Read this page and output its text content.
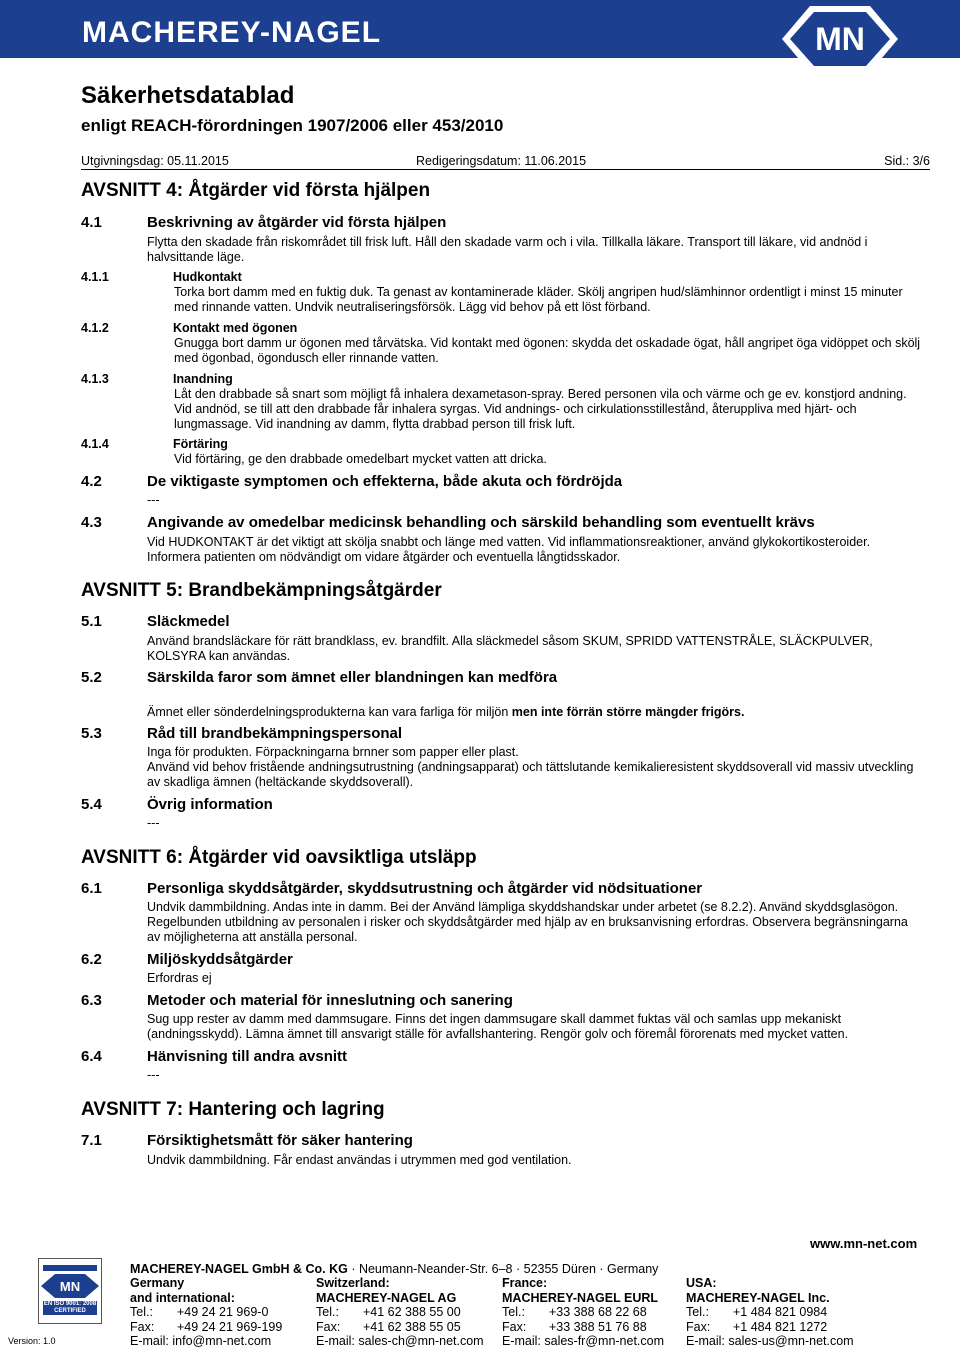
MACHEREY-NAGEL	MN
Säkerhetsdatablad
enligt REACH-förordningen 1907/2006 eller 453/2010
Utgivningsdag: 05.11.2015	Redigeringsdatum: 11.06.2015	Sid.: 3/6
AVSNITT 4: Åtgärder vid första hjälpen
4.1	Beskrivning av åtgärder vid första hjälpen
Flytta den skadade från riskområdet till frisk luft. Håll den skadade varm och i vila. Tillkalla läkare. Transport till läkare, vid andnöd i halvsittande läge.
4.1.1	Hudkontakt
Torka bort damm med en fuktig duk. Ta genast av kontaminerade kläder. Skölj angripen hud/slämhinnor ordentligt i minst 15 minuter med rinnande vatten. Undvik neutraliseringsförsök. Lägg vid behov på ett löst förband.
4.1.2	Kontakt med ögonen
Gnugga bort damm ur ögonen med tårvätska. Vid kontakt med ögonen: skydda det oskadade ögat, håll angripet öga vidöppet och skölj med ögonbad, ögondusch eller rinnande vatten.
4.1.3	Inandning
Låt den drabbade så snart som möjligt få inhalera dexametason-spray. Bered personen vila och värme och ge ev. konstjord andning. Vid andnöd, se till att den drabbade får inhalera syrgas. Vid andnings- och cirkulationsstillestånd, återuppliva med hjärt- och lungmassage. Vid inandning av damm, flytta drabbad person till frisk luft.
4.1.4	Förtäring
Vid förtäring, ge den drabbade omedelbart mycket vatten att dricka.
4.2	De viktigaste symptomen och effekterna, både akuta och fördröjda
---
4.3	Angivande av omedelbar medicinsk behandling och särskild behandling som eventuellt krävs
Vid HUDKONTAKT är det viktigt att skölja snabbt och länge med vatten. Vid inflammationsreaktioner, använd glykokortikosteroider. Informera patienten om nödvändigt om vidare åtgärder och eventuella långtidsskador.
AVSNITT 5: Brandbekämpningsåtgärder
5.1	Släckmedel
Använd brandsläckare för rätt brandklass, ev. brandfilt. Alla släckmedel såsom SKUM, SPRIDD VATTENSTRÅLE, SLÄCKPULVER, KOLSYRA kan användas.
5.2	Särskilda faror som ämnet eller blandningen kan medföra
Ämnet eller sönderdelningsprodukterna kan vara farliga för miljön men inte förrän större mängder frigörs.
5.3	Råd till brandbekämpningspersonal
Inga för produkten. Förpackningarna brnner som papper eller plast.
Använd vid behov fristående andningsutrustning (andningsapparat) och tättslutande kemikalieresistent skyddsoverall vid massiv utveckling av skadliga ämnen (heltäckande skyddsoverall).
5.4	Övrig information
---
AVSNITT 6: Åtgärder vid oavsiktliga utsläpp
6.1	Personliga skyddsåtgärder, skyddsutrustning och åtgärder vid nödsituationer
Undvik dammbildning. Andas inte in damm. Bei der Använd lämpliga skyddshandskar under arbetet (se 8.2.2). Använd skyddsglasögon. Regelbunden utbildning av personalen i risker och skyddsåtgärder med hjälp av en bruksanvisning erfordras. Observera begränsningarna av möjligheterna att anställa personal.
6.2	Miljöskyddsåtgärder
Erfordras ej
6.3	Metoder och material för inneslutning och sanering
Sug upp rester av damm med dammsugare. Finns det ingen dammsugare skall dammet fuktas väl och samlas upp mekaniskt (andningsskydd). Lämna ämnet till ansvarigt ställe för avfallshantering. Rengör golv och föremål förorenats med mycket vatten.
6.4	Hänvisning till andra avsnitt
---
AVSNITT 7: Hantering och lagring
7.1	Försiktighetsmått för säker hantering
Undvik dammbildning. Får endast användas i utrymmen med god ventilation.
www.mn-net.com
MACHEREY-NAGEL GmbH & Co. KG · Neumann-Neander-Str. 6–8 · 52355 Düren · Germany
MN
EN ISO 9001: 2008
CERTIFIED
Version: 1.0
Germany
and international:
Tel.: +49 24 21 969-0
Fax: +49 24 21 969-199
E-mail: info@mn-net.com
Switzerland:
MACHEREY-NAGEL AG
Tel.: +41 62 388 55 00
Fax: +41 62 388 55 05
E-mail: sales-ch@mn-net.com
France:
MACHEREY-NAGEL EURL
Tel.: +33 388 68 22 68
Fax: +33 388 51 76 88
E-mail: sales-fr@mn-net.com
USA:
MACHEREY-NAGEL Inc.
Tel.: +1 484 821 0984
Fax: +1 484 821 1272
E-mail: sales-us@mn-net.com
